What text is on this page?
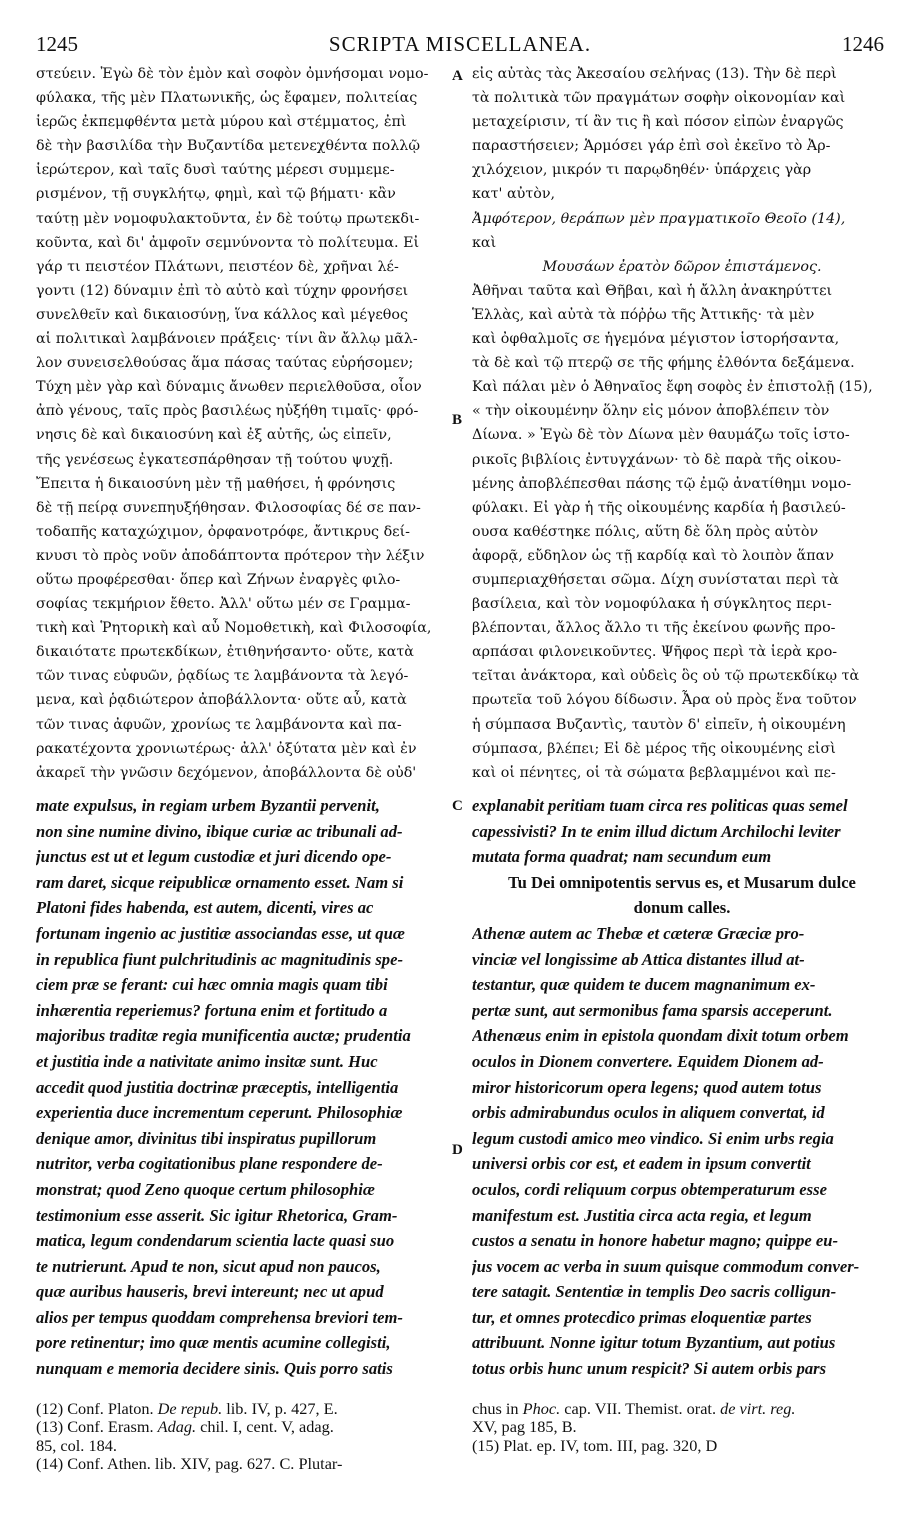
1245	SCRIPTA MISCELLANEA.	1246
στεύειν. Ἐγὼ δὲ τὸν ἐμὸν καὶ σοφὸν ὀμνήσομαι νομο-
φύλακα, τῆς μὲν Πλατωνικῆς, ὡς ἔφαμεν, πολιτείας
ἱερῶς ἐκπεμφθέντα μετὰ μύρου καὶ στέμματος, ἐπὶ
δὲ τὴν βασιλίδα τὴν Βυζαντίδα μετενεχθέντα πολλῷ
ἱερώτερον, καὶ ταῖς δυσὶ ταύτης μέρεσι συμμεμε-
ρισμένον, τῇ συγκλήτῳ, φημὶ, καὶ τῷ βήματι· κἂν
ταύτῃ μὲν νομοφυλακτοῦντα, ἐν δὲ τούτῳ πρωτεκδι-
κοῦντα, καὶ δι' ἀμφοῖν σεμνύνοντα τὸ πολίτευμα. Εἰ
γάρ τι πειστέον Πλάτωνι, πειστέον δὲ, χρῆναι λέ-
γοντι (12) δύναμιν ἐπὶ τὸ αὐτὸ καὶ τύχην φρονήσει
συνελθεῖν καὶ δικαιοσύνῃ, ἵνα κάλλος καὶ μέγεθος
αἱ πολιτικαὶ λαμβάνοιεν πράξεις· τίνι ἂν ἄλλῳ μᾶλ-
λον συνεισελθούσας ἅμα πάσας ταύτας εὑρήσομεν;
Τύχη μὲν γὰρ καὶ δύναμις ἄνωθεν περιελθοῦσα, οἷον
ἀπὸ γένους, ταῖς πρὸς βασιλέως ηὐξήθη τιμαῖς· φρό-
νησις δὲ καὶ δικαιοσύνη καὶ ἐξ αὐτῆς, ὡς εἰπεῖν,
τῆς γενέσεως ἐγκατεσπάρθησαν τῇ τούτου ψυχῇ.
Ἔπειτα ἡ δικαιοσύνη μὲν τῇ μαθήσει, ἡ φρόνησις
δὲ τῇ πείρᾳ συνεπηυξήθησαν. Φιλοσοφίας δέ σε παν-
τοδαπῆς καταχώχιμον, ὀρφανοτρόφε, ἄντικρυς δεί-
κνυσι τὸ πρὸς νοῦν ἀποδάπτοντα πρότερον τὴν λέξιν
οὕτω προφέρεσθαι· ὅπερ καὶ Ζήνων ἐναργὲς φιλο-
σοφίας τεκμήριον ἔθετο. Ἀλλ' οὕτω μέν σε Γραμμα-
τικὴ καὶ Ῥητορικὴ καὶ αὖ Νομοθετικὴ, καὶ Φιλοσοφία,
δικαιότατε πρωτεκδίκων, ἐτιθηνήσαντο· οὔτε, κατὰ
τῶν τινας εὐφυῶν, ῥᾳδίως τε λαμβάνοντα τὰ λεγό-
μενα, καὶ ῥᾳδιώτερον ἀποβάλλοντα· οὔτε αὖ, κατὰ
τῶν τινας ἀφυῶν, χρονίως τε λαμβάνοντα καὶ πα-
ρακατέχοντα χρονιωτέρως· ἀλλ' ὀξύτατα μὲν καὶ ἐν
ἀκαρεῖ τὴν γνῶσιν δεχόμενον, ἀποβάλλοντα δὲ οὐδ'
εἰς αὐτὰς τὰς Ἀκεσαίου σελήνας (13). Τὴν δὲ περὶ
τὰ πολιτικὰ τῶν πραγμάτων σοφὴν οἰκονομίαν καὶ
μεταχείρισιν, τί ἂν τις ἢ καὶ πόσον εἰπὼν ἐναργῶς
παραστήσειεν; Ἁρμόσει γάρ ἐπὶ σοὶ ἐκεῖνο τὸ Ἀρ-
χιλόχειον, μικρόν τι παρῳδηθέν· ὑπάρχεις γὰρ
κατ' αὐτὸν,
Ἀμφότερον, θεράπων μὲν πραγματικοῖο Θεοῖο (14),
καὶ
Μουσάων ἐρατὸν δῶρον ἐπιστάμενος.
Ἀθῆναι ταῦτα καὶ Θῆβαι, καὶ ἡ ἄλλη ἀνακηρύττει
Ἑλλὰς, καὶ αὐτὰ τὰ πόῤῥω τῆς Ἀττικῆς· τὰ μὲν
καὶ ὀφθαλμοῖς σε ἡγεμόνα μέγιστον ἱστορήσαντα,
τὰ δὲ καὶ τῷ πτερῷ σε τῆς φήμης ἐλθόντα δεξάμενα.
Καὶ πάλαι μὲν ὁ Ἀθηναῖος ἔφη σοφὸς ἐν ἐπιστολῇ (15),
« τὴν οἰκουμένην ὅλην εἰς μόνον ἀποβλέπειν τὸν
Δίωνα. » Ἐγὼ δὲ τὸν Δίωνα μὲν θαυμάζω τοῖς ἱστο-
ρικοῖς βιβλίοις ἐντυγχάνων· τὸ δὲ παρὰ τῆς οἰκου-
μένης ἀποβλέπεσθαι πάσης τῷ ἐμῷ ἀνατίθημι νομο-
φύλακι. Εἰ γὰρ ἡ τῆς οἰκουμένης καρδία ἡ βασιλεύ-
ουσα καθέστηκε πόλις, αὕτη δὲ ὅλη πρὸς αὐτὸν
ἀφορᾷ, εὔδηλον ὡς τῇ καρδίᾳ καὶ τὸ λοιπὸν ἅπαν
συμπεριαχθήσεται σῶμα. Δίχη συνίσταται περὶ τὰ
βασίλεια, καὶ τὸν νομοφύλακα ἡ σύγκλητος περι-
βλέπονται, ἄλλος ἄλλο τι τῆς ἐκείνου φωνῆς προ-
αρπάσαι φιλονεικοῦντες. Ψῆφος περὶ τὰ ἱερὰ κρο-
τεῖται ἀνάκτορα, καὶ οὐδεὶς ὃς οὐ τῷ πρωτεκδίκῳ τὰ
πρωτεῖα τοῦ λόγου δίδωσιν. Ἆρα οὐ πρὸς ἕνα τοῦτον
ἡ σύμπασα Βυζαντὶς, ταυτὸν δ' εἰπεῖν, ἡ οἰκουμένη
σύμπασα, βλέπει; Εἰ δὲ μέρος τῆς οἰκουμένης εἰσὶ
καὶ οἱ πένητες, οἱ τὰ σώματα βεβλαμμένοι καὶ πε-
A
B
C
D
mate expulsus, in regiam urbem Byzantii pervenit,
non sine numine divino, ibique curiæ ac tribunali ad-
junctus est ut et legum custodiæ et juri dicendo ope-
ram daret, sicque reipublicæ ornamento esset. Nam si
Platoni fides habenda, est autem, dicenti, vires ac
fortunam ingenio ac justitiæ associandas esse, ut quæ
in republica fiunt pulchritudinis ac magnitudinis spe-
ciem præ se ferant: cui hæc omnia magis quam tibi
inhærentia reperiemus? fortuna enim et fortitudo a
majoribus traditæ regia munificentia auctæ; prudentia
et justitia inde a nativitate animo insitæ sunt. Huc
accedit quod justitia doctrinæ præceptis, intelligentia
experientia duce incrementum ceperunt. Philosophiæ
denique amor, divinitus tibi inspiratus pupillorum
nutritor, verba cogitationibus plane respondere de-
monstrat; quod Zeno quoque certum philosophiæ
testimonium esse asserit. Sic igitur Rhetorica, Gram-
matica, legum condendarum scientia lacte quasi suo
te nutrierunt. Apud te non, sicut apud non paucos,
quæ auribus hauseris, brevi intereunt; nec ut apud
alios per tempus quoddam comprehensa breviori tem-
pore retinentur; imo quæ mentis acumine collegisti,
nunquam e memoria decidere sinis. Quis porro satis
explanabit peritiam tuam circa res politicas quas semel
capessivisti? In te enim illud dictum Archilochi leviter
mutata forma quadrat; nam secundum eum
Tu Dei omnipotentis servus es, et Musarum dulce
donum calles.
Athenæ autem ac Thebæ et cæteræ Græciæ pro-
vinciæ vel longissime ab Attica distantes illud at-
testantur, quæ quidem te ducem magnanimum ex-
pertæ sunt, aut sermonibus fama sparsis acceperunt.
Athenæus enim in epistola quondam dixit totum orbem
oculos in Dionem convertere. Equidem Dionem ad-
miror historicorum opera legens; quod autem totus
orbis admirabundus oculos in aliquem convertat, id
legum custodi amico meo vindico. Si enim urbs regia
universi orbis cor est, et eadem in ipsum convertit
oculos, cordi reliquum corpus obtemperaturum esse
manifestum est. Justitia circa acta regia, et legum
custos a senatu in honore habetur magno; quippe eu-
jus vocem ac verba in suum quisque commodum conver-
tere satagit. Sententiæ in templis Deo sacris colligun-
tur, et omnes protecdico primas eloquentiæ partes
attribuunt. Nonne igitur totum Byzantium, aut potius
totus orbis hunc unum respicit? Si autem orbis pars
(12) Conf. Platon. De repub. lib. IV, p. 427, E.
(13) Conf. Erasm. Adag. chil. I, cent. V, adag.
85, col. 184.
(14) Conf. Athen. lib. XIV, pag. 627. C. Plutar-
chus in Phoc. cap. VII. Themist. orat. de virt. reg.
XV, pag 185, B.
(15) Plat. ep. IV, tom. III, pag. 320, D
